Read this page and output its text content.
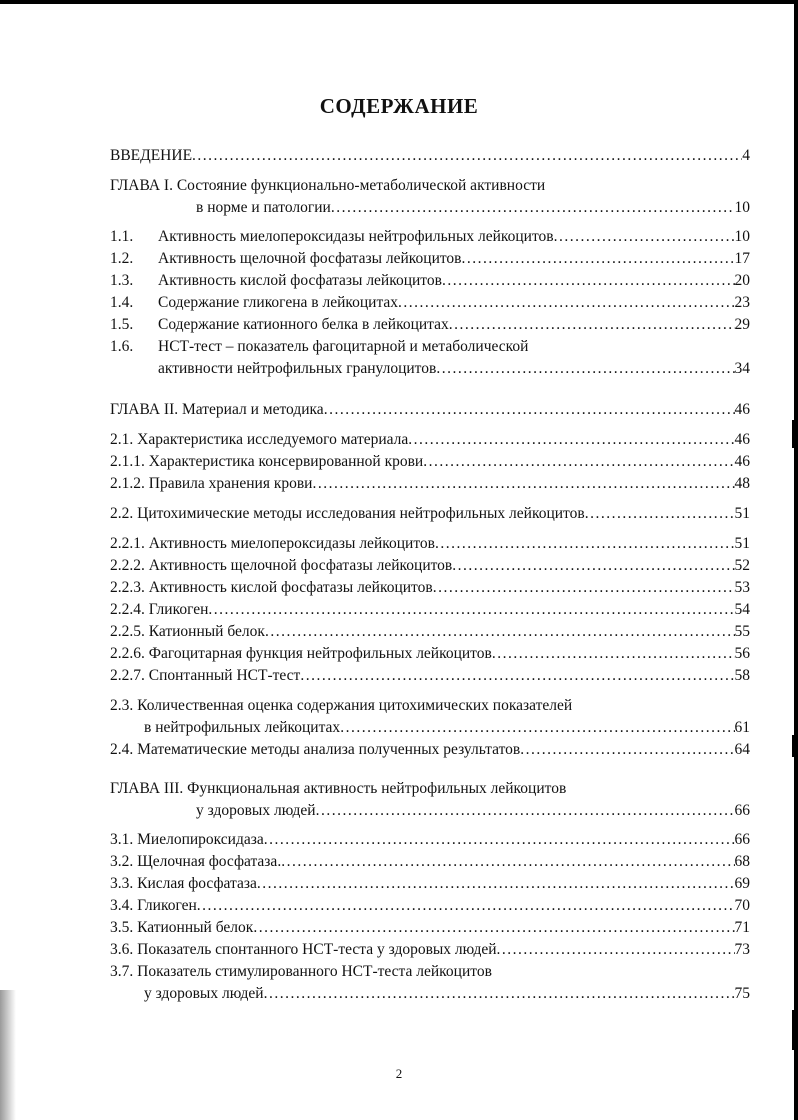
СОДЕРЖАНИЕ
ВВЕДЕНИЕ .....	4
ГЛАВА I. Состояние функционально-метаболической активности
в норме и патологии .....	10
1.1.	Активность миелопероксидазы нейтрофильных лейкоцитов .....	10
1.2.	Активность щелочной фосфатазы лейкоцитов .....	17
1.3.	Активность кислой фосфатазы лейкоцитов .....	20
1.4.	Содержание гликогена в лейкоцитах .....	23
1.5.	Содержание катионного белка в лейкоцитах .....	29
1.6.	НСТ-тест – показатель фагоцитарной и метаболической
активности нейтрофильных гранулоцитов .....	34
ГЛАВА II. Материал и методика .....	46
2.1. Характеристика исследуемого материала .....	46
2.1.1. Характеристика консервированной крови .....	46
2.1.2. Правила хранения крови .....	48
2.2. Цитохимические методы исследования нейтрофильных лейкоцитов .....	51
2.2.1. Активность миелопероксидазы лейкоцитов .....	51
2.2.2. Активность щелочной фосфатазы лейкоцитов .....	52
2.2.3. Активность кислой фосфатазы лейкоцитов .....	53
2.2.4. Гликоген .....	54
2.2.5. Катионный белок .....	55
2.2.6. Фагоцитарная функция нейтрофильных лейкоцитов .....	56
2.2.7. Спонтанный НСТ-тест .....	58
2.3. Количественная оценка содержания цитохимических показателей
в нейтрофильных лейкоцитах .....	61
2.4. Математические методы анализа полученных результатов .....	64
ГЛАВА III. Функциональная активность нейтрофильных лейкоцитов
у здоровых людей .....	66
3.1. Миелопироксидаза .....	66
3.2. Щелочная фосфатаза. .....	68
3.3. Кислая фосфатаза .....	69
3.4. Гликоген .....	70
3.5. Катионный белок .....	71
3.6. Показатель спонтанного НСТ-теста у здоровых людей .....	73
3.7. Показатель стимулированного НСТ-теста лейкоцитов
у здоровых людей .....	75
2
